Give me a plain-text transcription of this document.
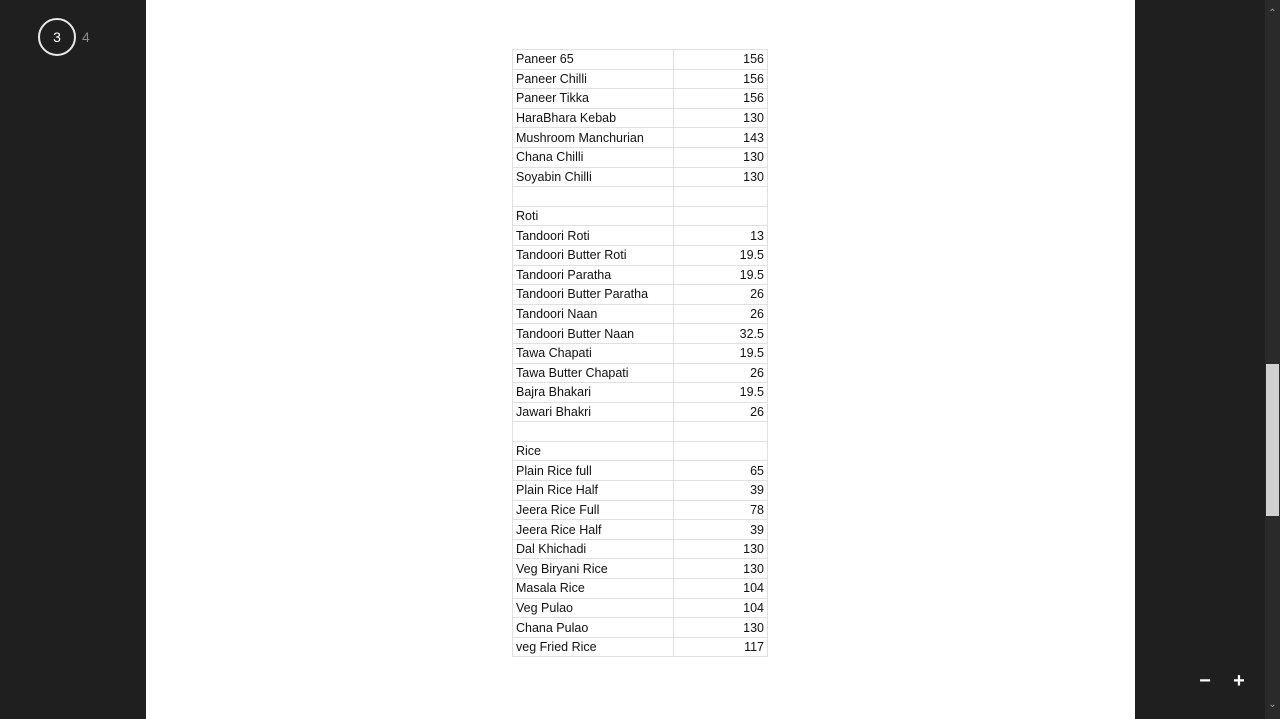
3	4
Paneer 65	156
Paneer Chilli	156
Paneer Tikka	156
HaraBhara Kebab	130
Mushroom Manchurian	143
Chana Chilli	130
Soyabin Chilli	130

Roti	
Tandoori Roti	13
Tandoori Butter Roti	19.5
Tandoori Paratha	19.5
Tandoori Butter Paratha	26
Tandoori Naan	26
Tandoori Butter Naan	32.5
Tawa Chapati	19.5
Tawa Butter Chapati	26
Bajra Bhakari	19.5
Jawari Bhakri	26

Rice	
Plain Rice full	65
Plain Rice Half	39
Jeera Rice Full	78
Jeera Rice Half	39
Dal Khichadi	130
Veg Biryani Rice	130
Masala Rice	104
Veg Pulao	104
Chana Pulao	130
veg Fried Rice	117
⌃
⌄
− +
